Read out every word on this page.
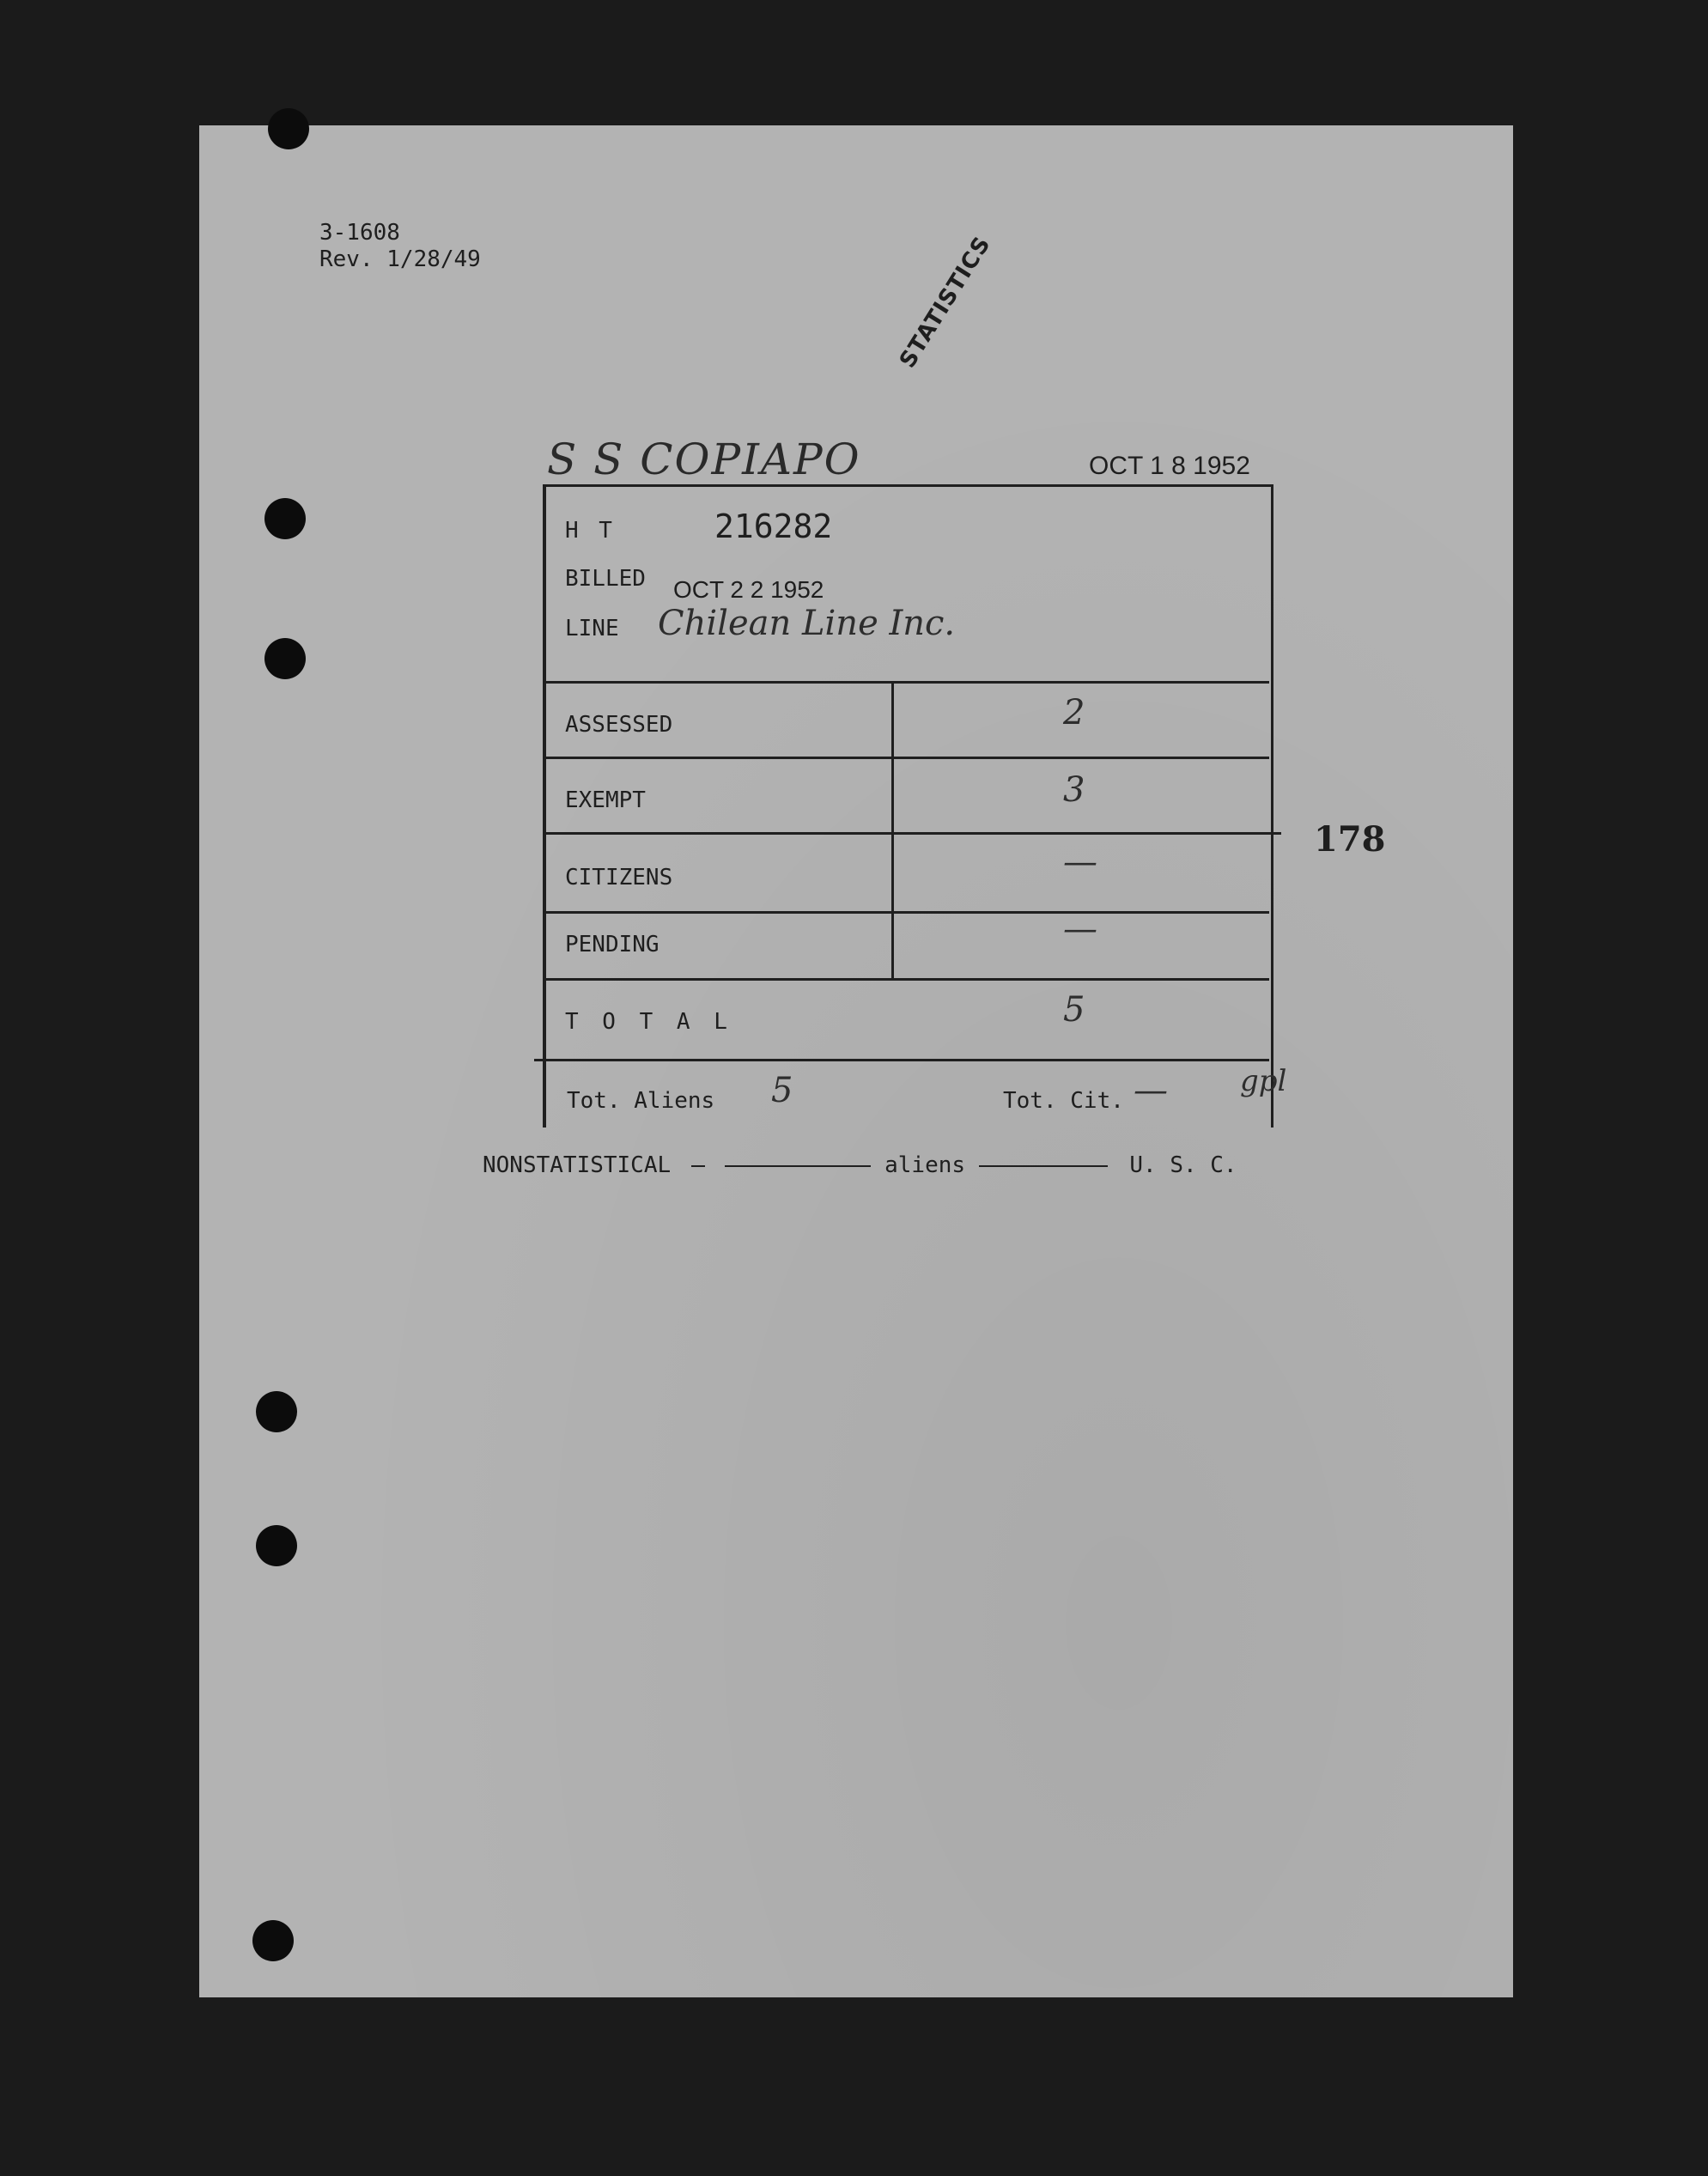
3-1608
Rev. 1/28/49	STATISTICS
S S COPIAPO	OCT 1 8 1952
H T	216282
BILLED OCT 2 2 1952
LINE Chilean Line Inc.
ASSESSED	2
EXEMPT	3
CITIZENS	—
PENDING	—
T O T A L	5
Tot. Aliens 5	Tot. Cit. — gpl
178
NONSTATISTICAL	aliens	U. S. C.
